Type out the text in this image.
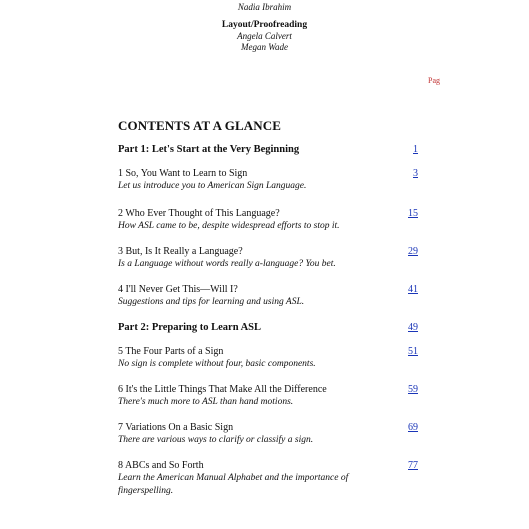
Nadia Ibrahim
Layout/Proofreading
Angela Calvert
Megan Wade
Pag
CONTENTS AT A GLANCE
Part 1: Let's Start at the Very Beginning	1
1 So, You Want to Learn to Sign
Let us introduce you to American Sign Language.
3
2 Who Ever Thought of This Language?
How ASL came to be, despite widespread efforts to stop it.
15
3 But, Is It Really a Language?
Is a Language without words really a-language? You bet.
29
4 I'll Never Get This—Will I?
Suggestions and tips for learning and using ASL.
41
Part 2: Preparing to Learn ASL	49
5 The Four Parts of a Sign
No sign is complete without four, basic components.
51
6 It's the Little Things That Make All the Difference
There's much more to ASL than hand motions.
59
7 Variations On a Basic Sign
There are various ways to clarify or classify a sign.
69
8 ABCs and So Forth
Learn the American Manual Alphabet and the importance of fingerspelling.
77
